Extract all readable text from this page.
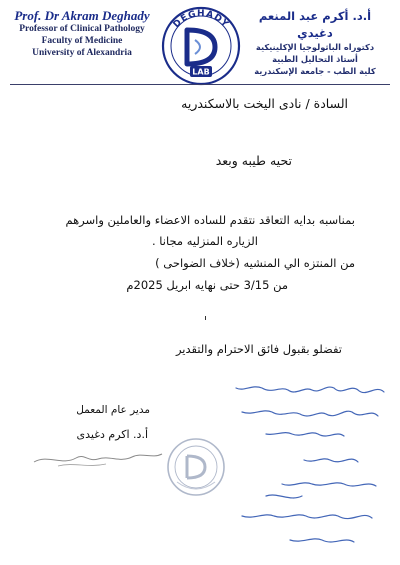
Prof. Dr Akram Deghady
Professor of Clinical Pathology
Faculty of Medicine
University of Alexandria
DEGHADY
LAB
أ.د. أكرم عبد المنعم دغيدي
دكتوراه الباثولوجيا الإكلينيكية
أستاذ التحاليل الطبية
كلية الطب - جامعة الإسكندرية
السادة / نادى اليخت بالاسكندريه
تحيه طيبه وبعد
بمناسبه بدايه التعاقد نتقدم للساده الاعضاء والعاملين واسرهم
الزياره المنزليه مجانا .
من المنتزه الي المنشيه (خلاف الضواحى )
من 3/15 حتى نهايه ابريل 2025م
تفضلو بقبول فائق الاحترام والتقدير
مدير عام المعمل
أ.د. اكرم دغيدى
